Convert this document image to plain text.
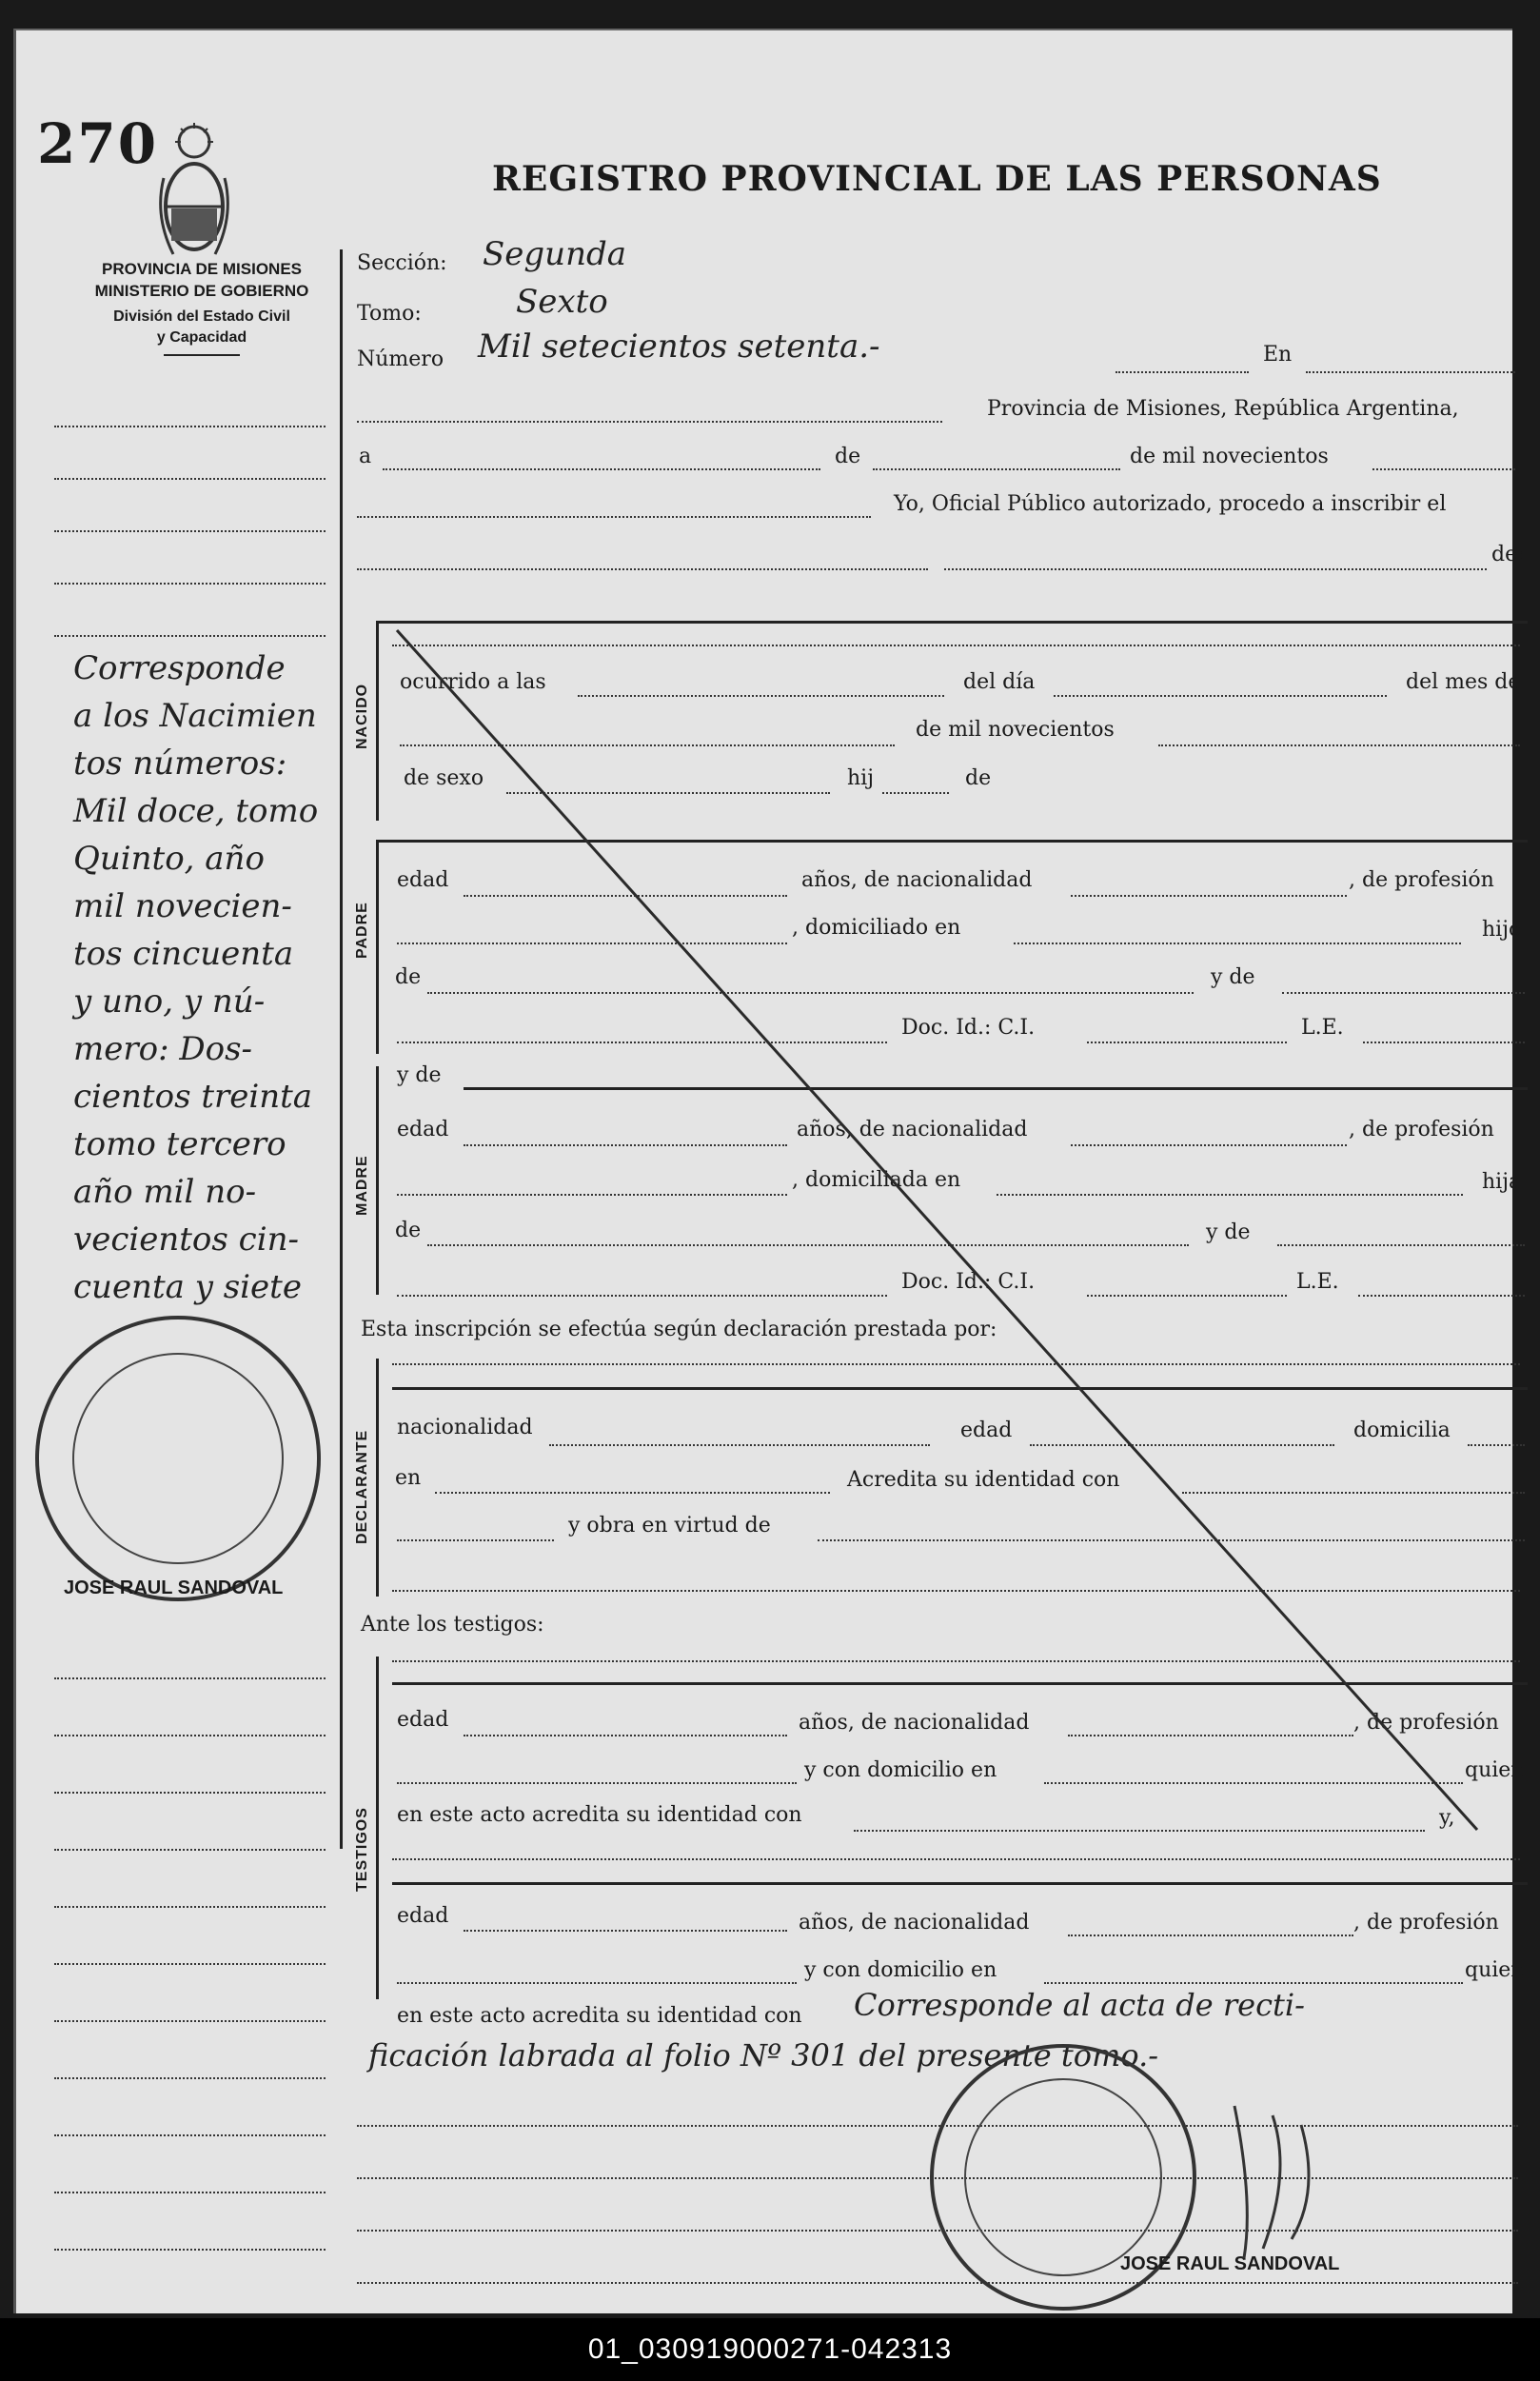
270
REGISTRO PROVINCIAL DE LAS PERSONAS
PROVINCIA DE MISIONES
MINISTERIO DE GOBIERNO
División del Estado Civil
y Capacidad
Corresponde
a los Nacimien
tos números:
Mil doce, tomo
Quinto, año
mil novecien-
tos cincuenta
y uno, y nú-
mero: Dos-
cientos treinta
tomo tercero
año mil no-
vecientos cin-
cuenta y siete
JOSE RAUL SANDOVAL
Sección: Segunda
Tomo:	Sexto
Número Mil setecientos setenta.-	En
Provincia de Misiones, República Argentina,
a	de	de mil novecientos
Yo, Oficial Público autorizado, procedo a inscribir el
de:
NACIDO
ocurrido a las	del día	del mes de
de mil novecientos
de sexo	hij	de
PADRE
edad	años, de nacionalidad	, de profesión
, domiciliado en	hijo
de	y de
Doc. Id.: C.I.	L.E.
y de
MADRE
edad	años, de nacionalidad	, de profesión
, domiciliada en	hija
de	y de
Doc. Id.: C.I.	L.E.
Esta inscripción se efectúa según declaración prestada por:
DECLARANTE
nacionalidad	edad	domicilia
en	Acredita su identidad con
y obra en virtud de
Ante los testigos:
TESTIGOS
edad	años, de nacionalidad	, de profesión
y con domicilio en	quien
en este acto acredita su identidad con	y,
edad	años, de nacionalidad	, de profesión
y con domicilio en	quien
en este acto acredita su identidad con Corresponde al acta de recti-
ficación labrada al folio Nº 301 del presente tomo.-
JOSE RAUL SANDOVAL
01_030919000271-042313
